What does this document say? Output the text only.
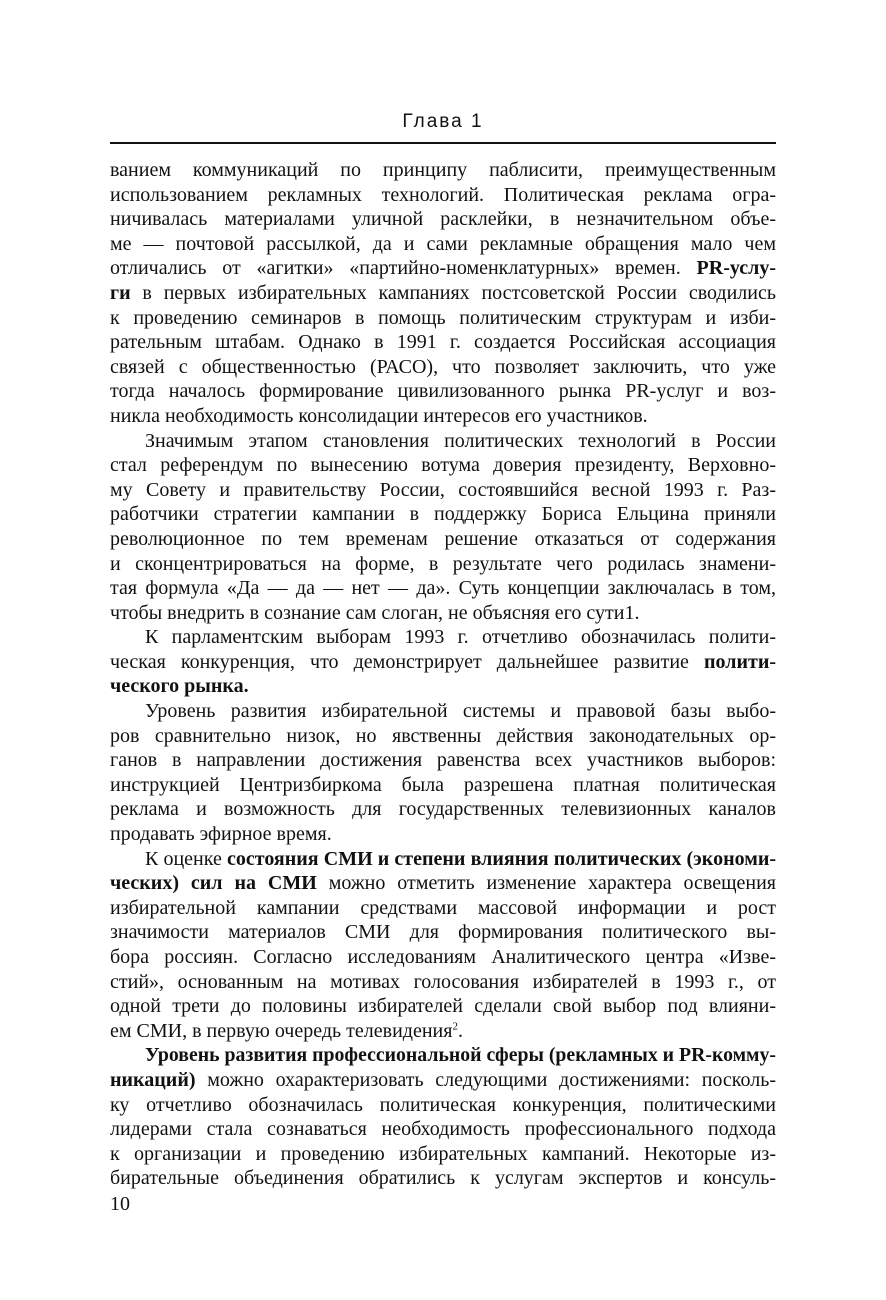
Глава 1
ванием коммуникаций по принципу паблисити, преимущественным
использованием рекламных технологий. Политическая реклама огра-
ничивалась материалами уличной расклейки, в незначительном объе-
ме — почтовой рассылкой, да и сами рекламные обращения мало чем
отличались от «агитки» «партийно-номенклатурных» времен. PR-услу-
ги в первых избирательных кампаниях постсоветской России сводились
к проведению семинаров в помощь политическим структурам и изби-
рательным штабам. Однако в 1991 г. создается Российская ассоциация
связей с общественностью (РАСО), что позволяет заключить, что уже
тогда началось формирование цивилизованного рынка PR-услуг и воз-
никла необходимость консолидации интересов его участников.
Значимым этапом становления политических технологий в России
стал референдум по вынесению вотума доверия президенту, Верховно-
му Совету и правительству России, состоявшийся весной 1993 г. Раз-
работчики стратегии кампании в поддержку Бориса Ельцина приняли
революционное по тем временам решение отказаться от содержания
и сконцентрироваться на форме, в результате чего родилась знамени-
тая формула «Да — да — нет — да». Суть концепции заключалась в том,
чтобы внедрить в сознание сам слоган, не объясняя его сути1.
К парламентским выборам 1993 г. отчетливо обозначилась полити-
ческая конкуренция, что демонстрирует дальнейшее развитие полити-
ческого рынка.
Уровень развития избирательной системы и правовой базы выбо-
ров сравнительно низок, но явственны действия законодательных ор-
ганов в направлении достижения равенства всех участников выборов:
инструкцией Центризбиркома была разрешена платная политическая
реклама и возможность для государственных телевизионных каналов
продавать эфирное время.
К оценке состояния СМИ и степени влияния политических (экономи-
ческих) сил на СМИ можно отметить изменение характера освещения
избирательной кампании средствами массовой информации и рост
значимости материалов СМИ для формирования политического вы-
бора россиян. Согласно исследованиям Аналитического центра «Изве-
стий», основанным на мотивах голосования избирателей в 1993 г., от
одной трети до половины избирателей сделали свой выбор под влияни-
ем СМИ, в первую очередь телевидения$^2$.
Уровень развития профессиональной сферы (рекламных и PR-комму-
никаций) можно охарактеризовать следующими достижениями: посколь-
ку отчетливо обозначилась политическая конкуренция, политическими
лидерами стала сознаваться необходимость профессионального подхода
к организации и проведению избирательных кампаний. Некоторые из-
бирательные объединения обратились к услугам экспертов и консуль-
10
